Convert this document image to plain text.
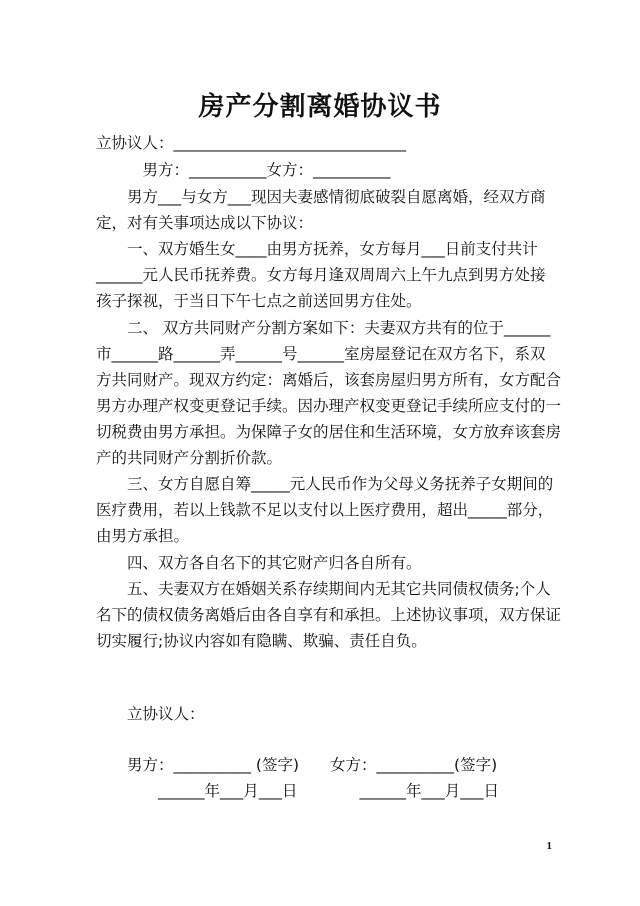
房产分割离婚协议书
立协议人：______________________________
　　　男方：__________女方：__________
　　男方___与女方___现因夫妻感情彻底破裂自愿离婚，经双方商
定，对有关事项达成以下协议：
　　一、双方婚生女____由男方抚养，女方每月___日前支付共计
______元人民币抚养费。女方每月逢双周周六上午九点到男方处接
孩子探视，于当日下午七点之前送回男方住处。
　　二、 双方共同财产分割方案如下：夫妻双方共有的位于______
市______路______弄______号______室房屋登记在双方名下，系双
方共同财产。现双方约定：离婚后，该套房屋归男方所有，女方配合
男方办理产权变更登记手续。因办理产权变更登记手续所应支付的一
切税费由男方承担。为保障子女的居住和生活环境，女方放弃该套房
产的共同财产分割折价款。
　　三、女方自愿自筹_____元人民币作为父母义务抚养子女期间的
医疗费用，若以上钱款不足以支付以上医疗费用，超出_____部分，
由男方承担。
　　四、双方各自名下的其它财产归各自所有。
　　五、夫妻双方在婚姻关系存续期间内无其它共同债权债务;个人
名下的债权债务离婚后由各自享有和承担。上述协议事项，双方保证
切实履行;协议内容如有隐瞒、欺骗、责任自负。
　　立协议人：
　　男方：__________ (签字)　　女方：__________(签字)
　　　　______年___月___日　　　　______年___月___日
1
